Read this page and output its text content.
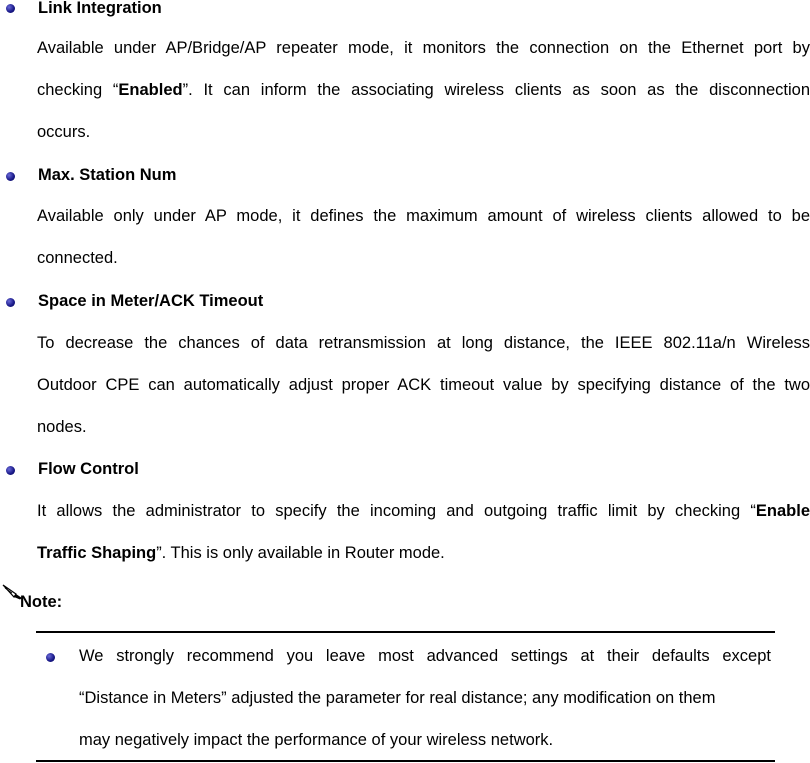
Link Integration
Available under AP/Bridge/AP repeater mode, it monitors the connection on the Ethernet port by
checking “Enabled”. It can inform the associating wireless clients as soon as the disconnection
occurs.
Max. Station Num
Available only under AP mode, it defines the maximum amount of wireless clients allowed to be
connected.
Space in Meter/ACK Timeout
To decrease the chances of data retransmission at long distance, the IEEE 802.11a/n Wireless
Outdoor CPE can automatically adjust proper ACK timeout value by specifying distance of the two
nodes.
Flow Control
It allows the administrator to specify the incoming and outgoing traffic limit by checking “Enable
Traffic Shaping”. This is only available in Router mode.
Note:
We strongly recommend you leave most advanced settings at their defaults except
“Distance in Meters” adjusted the parameter for real distance; any modification on them
may negatively impact the performance of your wireless network.
